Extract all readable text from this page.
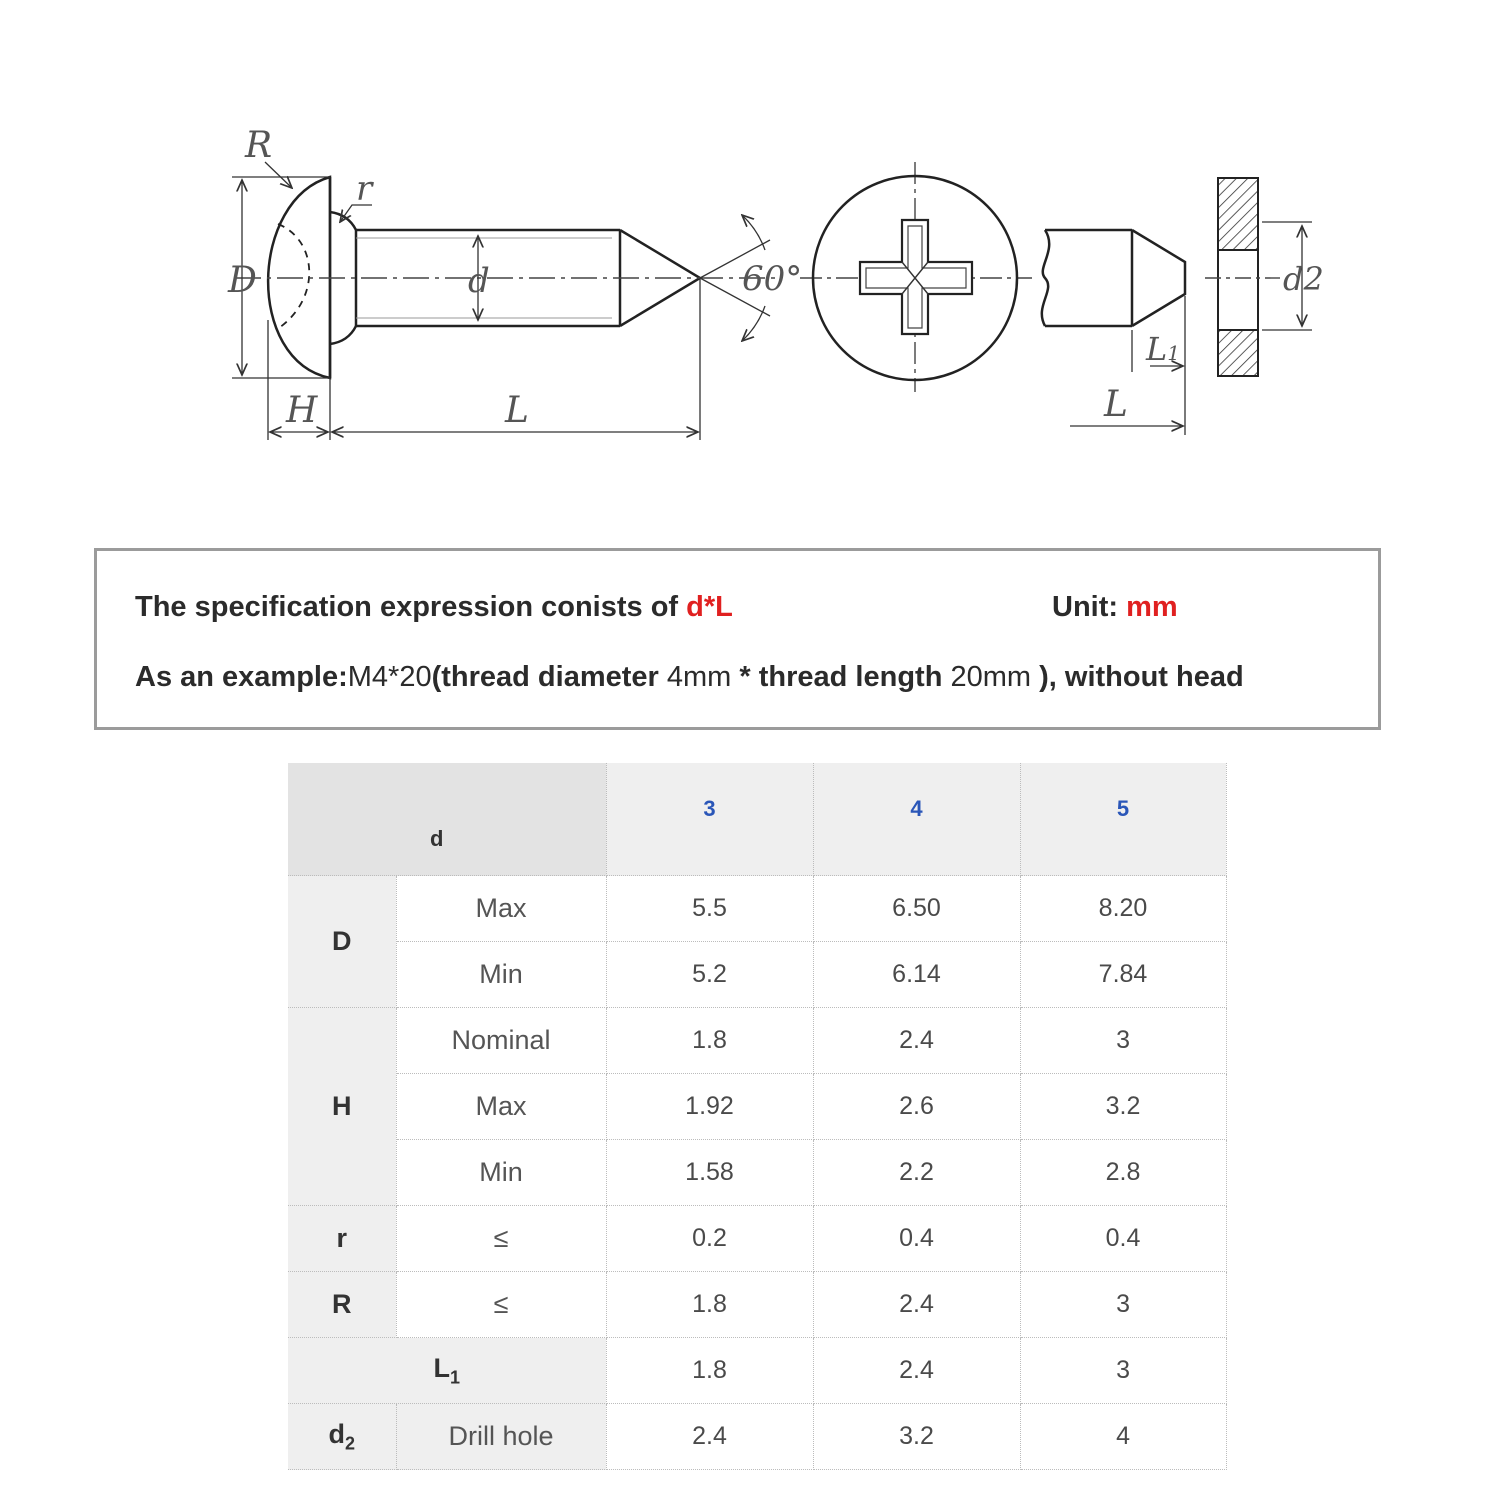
R
r
D	d
H	L
60°
L1
L
d2
The specification expression conists of d*L	Unit: mm
As an example:M4*20(thread diameter 4mm * thread length 20mm ), without head
d		3	4	5
D	Max	5.5	6.50	8.20
	Min	5.2	6.14	7.84
H	Nominal	1.8	2.4	3
	Max	1.92	2.6	3.2
	Min	1.58	2.2	2.8
r	≤	0.2	0.4	0.4
R	≤	1.8	2.4	3
$L_1$		1.8	2.4	3
$d_2$	Drill hole	2.4	3.2	4
